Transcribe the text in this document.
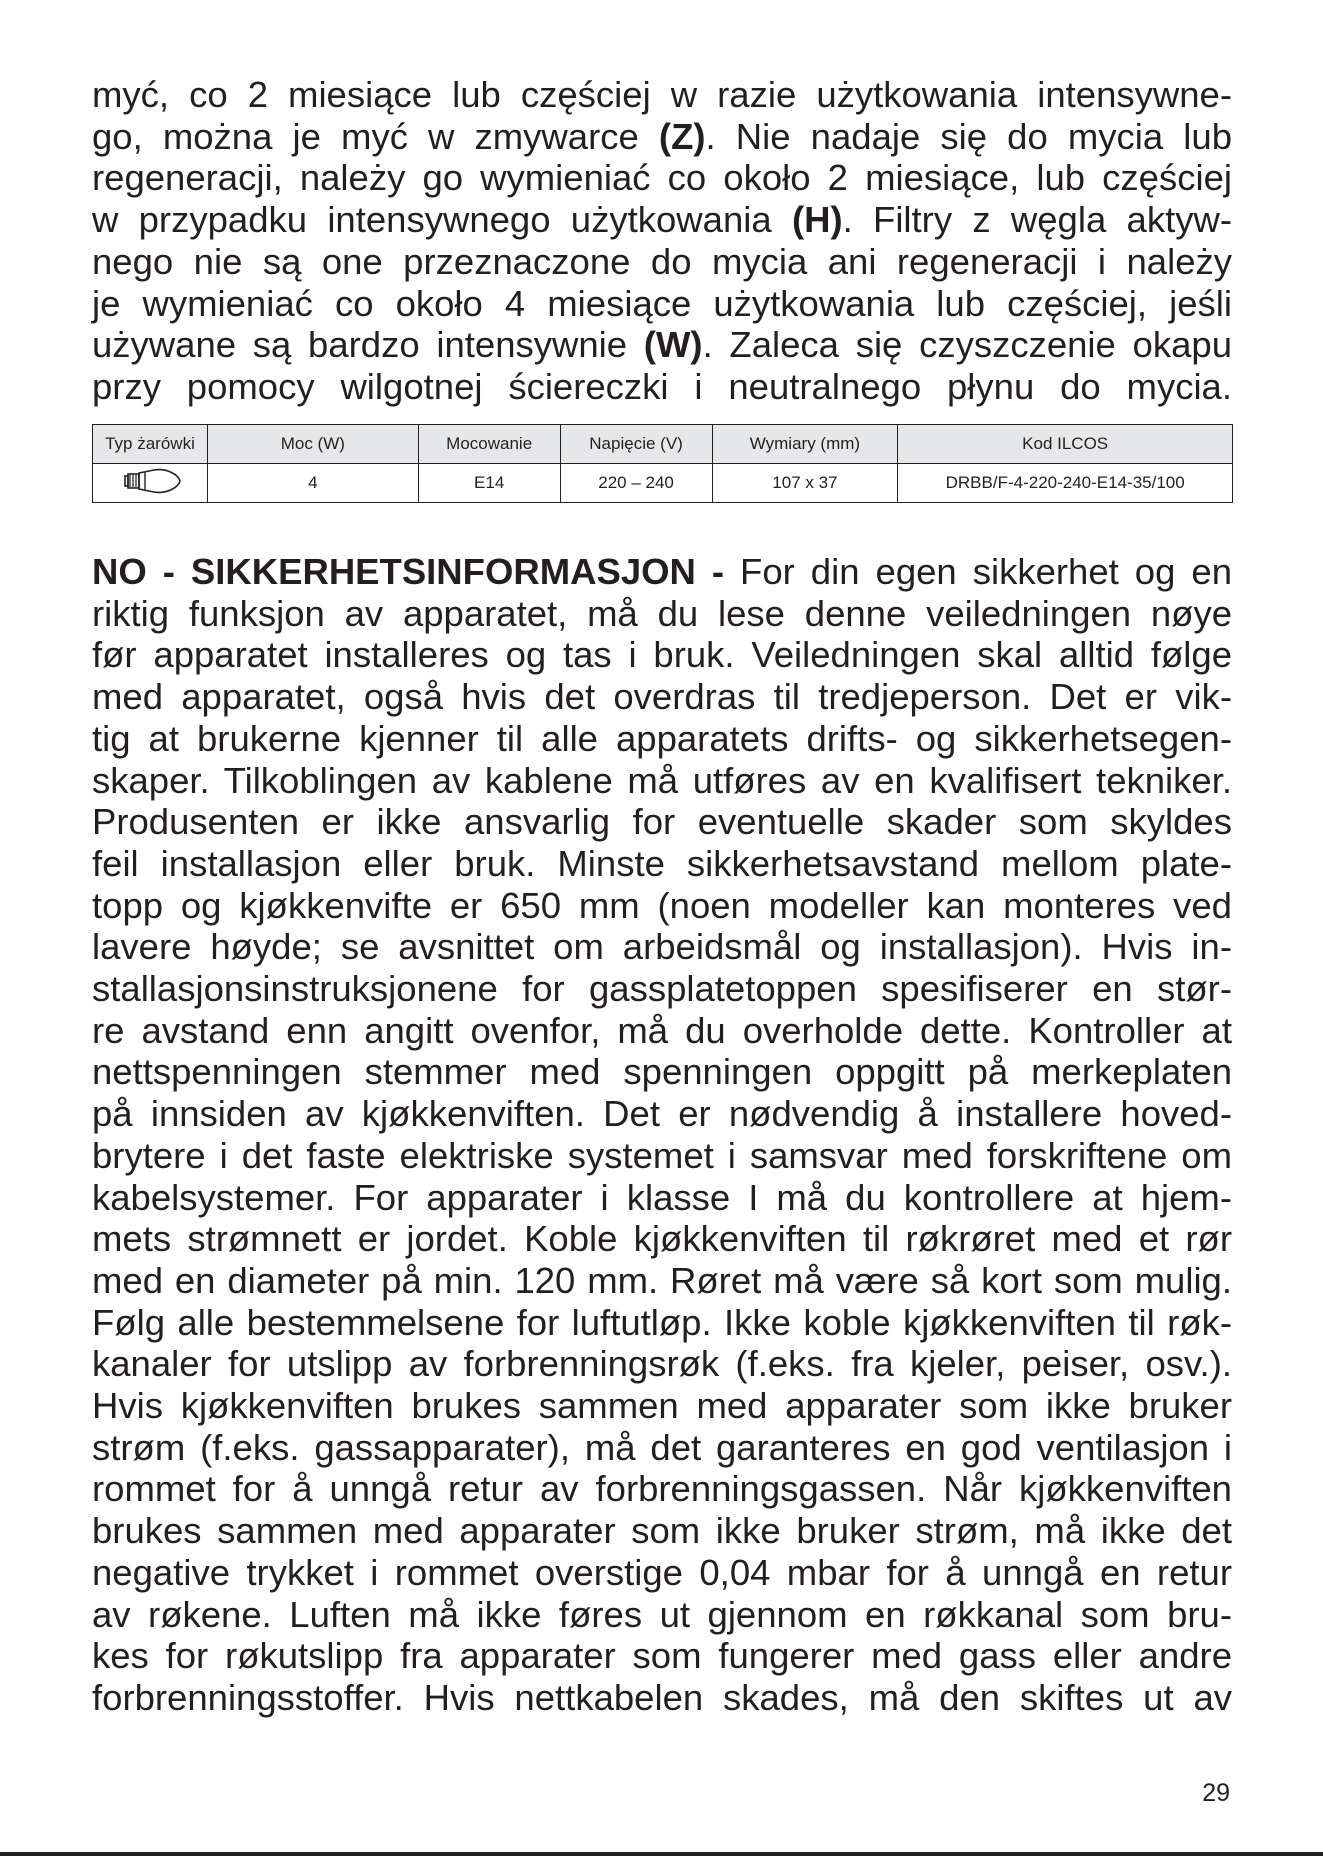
myć, co 2 miesiące lub częściej w razie użytkowania intensywne-
go, można je myć w zmywarce (Z). Nie nadaje się do mycia lub
regeneracji, należy go wymieniać co około 2 miesiące, lub częściej
w przypadku intensywnego użytkowania (H). Filtry z węgla aktyw-
nego nie są one przeznaczone do mycia ani regeneracji i należy
je wymieniać co około 4 miesiące użytkowania lub częściej, jeśli
używane są bardzo intensywnie (W). Zaleca się czyszczenie okapu
przy pomocy wilgotnej ściereczki i neutralnego płynu do mycia.
Typ żarówki	Moc (W)	Mocowanie	Napięcie (V)	Wymiary (mm)	Kod ILCOS
	4	E14	220 – 240	107 x 37	DRBB/F-4-220-240-E14-35/100
NO - SIKKERHETSINFORMASJON - For din egen sikkerhet og en
riktig funksjon av apparatet, må du lese denne veiledningen nøye
før apparatet installeres og tas i bruk. Veiledningen skal alltid følge
med apparatet, også hvis det overdras til tredjeperson. Det er vik-
tig at brukerne kjenner til alle apparatets drifts- og sikkerhetsegen-
skaper. Tilkoblingen av kablene må utføres av en kvalifisert tekniker.
Produsenten er ikke ansvarlig for eventuelle skader som skyldes
feil installasjon eller bruk. Minste sikkerhetsavstand mellom plate-
topp og kjøkkenvifte er 650 mm (noen modeller kan monteres ved
lavere høyde; se avsnittet om arbeidsmål og installasjon). Hvis in-
stallasjonsinstruksjonene for gassplatetoppen spesifiserer en stør-
re avstand enn angitt ovenfor, må du overholde dette. Kontroller at
nettspenningen stemmer med spenningen oppgitt på merkeplaten
på innsiden av kjøkkenviften. Det er nødvendig å installere hoved-
brytere i det faste elektriske systemet i samsvar med forskriftene om
kabelsystemer. For apparater i klasse I må du kontrollere at hjem-
mets strømnett er jordet. Koble kjøkkenviften til røkrøret med et rør
med en diameter på min. 120 mm. Røret må være så kort som mulig.
Følg alle bestemmelsene for luftutløp. Ikke koble kjøkkenviften til røk-
kanaler for utslipp av forbrenningsrøk (f.eks. fra kjeler, peiser, osv.).
Hvis kjøkkenviften brukes sammen med apparater som ikke bruker
strøm (f.eks. gassapparater), må det garanteres en god ventilasjon i
rommet for å unngå retur av forbrenningsgassen. Når kjøkkenviften
brukes sammen med apparater som ikke bruker strøm, må ikke det
negative trykket i rommet overstige 0,04 mbar for å unngå en retur
av røkene. Luften må ikke føres ut gjennom en røkkanal som bru-
kes for røkutslipp fra apparater som fungerer med gass eller andre
forbrenningsstoffer. Hvis nettkabelen skades, må den skiftes ut av
29
